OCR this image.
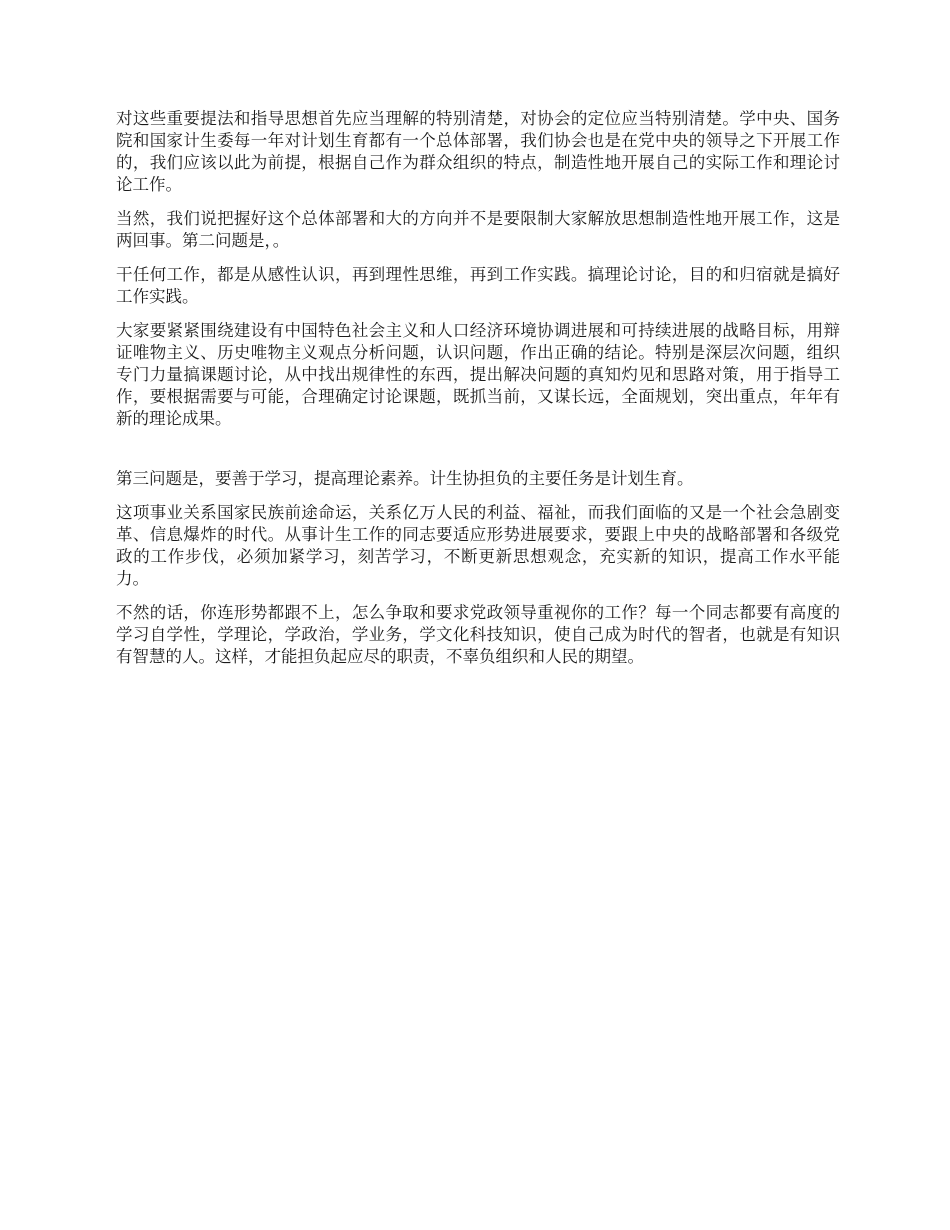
对这些重要提法和指导思想首先应当理解的特别清楚，对协会的定位应当特别清楚。学中央、国务院和国家计生委每一年对计划生育都有一个总体部署，我们协会也是在党中央的领导之下开展工作的，我们应该以此为前提，根据自己作为群众组织的特点，制造性地开展自己的实际工作和理论讨论工作。

当然，我们说把握好这个总体部署和大的方向并不是要限制大家解放思想制造性地开展工作，这是两回事。第二问题是，。

干任何工作，都是从感性认识，再到理性思维，再到工作实践。搞理论讨论，目的和归宿就是搞好工作实践。

大家要紧紧围绕建设有中国特色社会主义和人口经济环境协调进展和可持续进展的战略目标，用辩证唯物主义、历史唯物主义观点分析问题，认识问题，作出正确的结论。特别是深层次问题，组织专门力量搞课题讨论，从中找出规律性的东西，提出解决问题的真知灼见和思路对策，用于指导工作，要根据需要与可能，合理确定讨论课题，既抓当前，又谋长远，全面规划，突出重点，年年有新的理论成果。

第三问题是，要善于学习，提高理论素养。计生协担负的主要任务是计划生育。

这项事业关系国家民族前途命运，关系亿万人民的利益、福祉，而我们面临的又是一个社会急剧变革、信息爆炸的时代。从事计生工作的同志要适应形势进展要求，要跟上中央的战略部署和各级党政的工作步伐，必须加紧学习，刻苦学习，不断更新思想观念，充实新的知识，提高工作水平能力。

不然的话，你连形势都跟不上，怎么争取和要求党政领导重视你的工作？每一个同志都要有高度的学习自学性，学理论，学政治，学业务，学文化科技知识，使自己成为时代的智者，也就是有知识有智慧的人。这样，才能担负起应尽的职责，不辜负组织和人民的期望。
